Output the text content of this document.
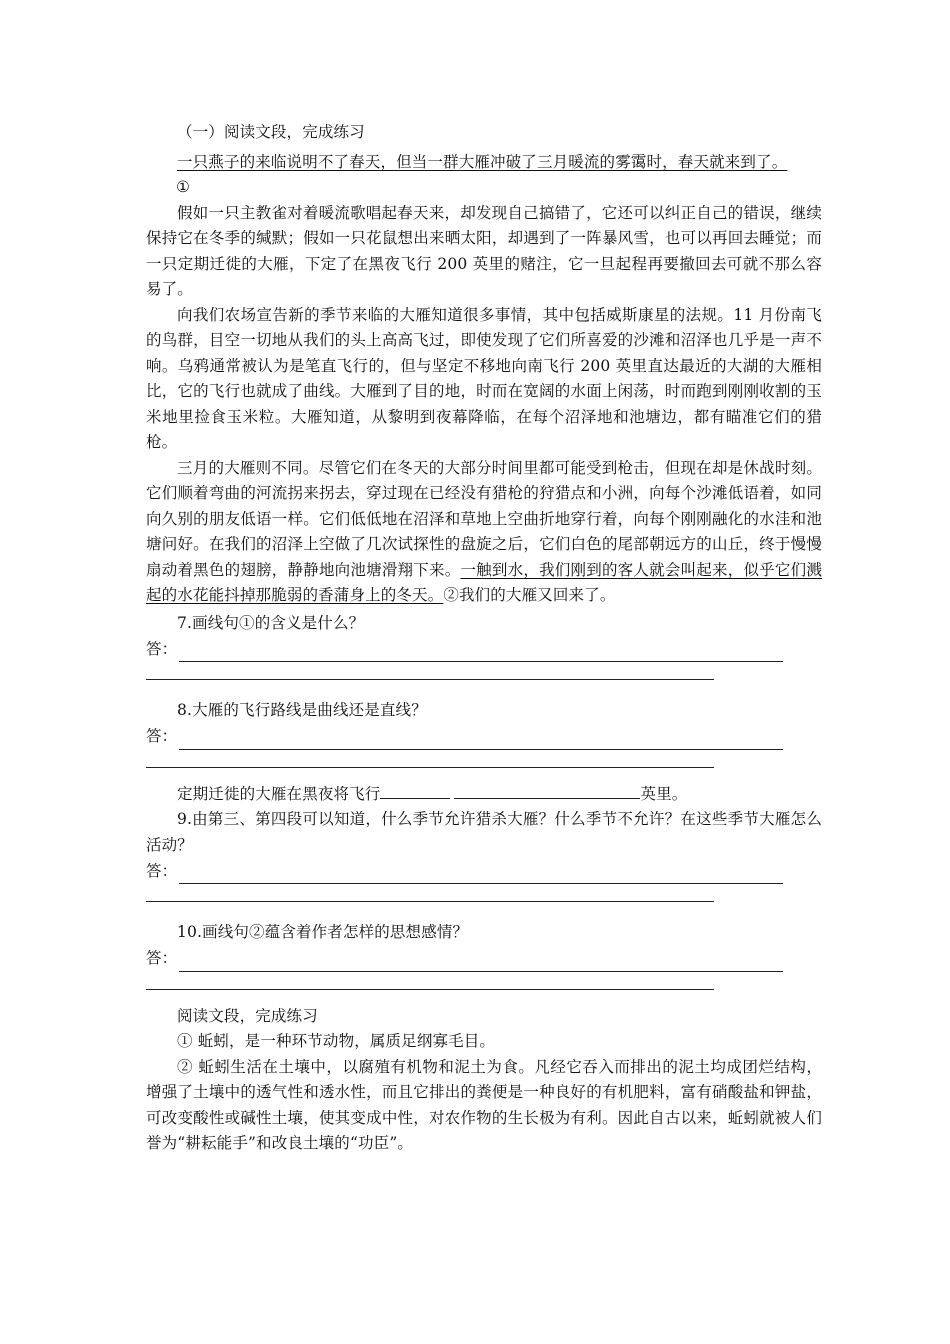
（一）阅读文段，完成练习

一只燕子的来临说明不了春天，但当一群大雁冲破了三月暖流的雾霭时，春天就来到了。

①

假如一只主教雀对着暖流歌唱起春天来，却发现自己搞错了，它还可以纠正自己的错误，继续保持它在冬季的缄默；假如一只花鼠想出来晒太阳，却遇到了一阵暴风雪，也可以再回去睡觉；而一只定期迁徙的大雁，下定了在黑夜飞行 200 英里的赌注，它一旦起程再要撤回去可就不那么容易了。

向我们农场宣告新的季节来临的大雁知道很多事情，其中包括威斯康星的法规。11 月份南飞的鸟群，目空一切地从我们的头上高高飞过，即使发现了它们所喜爱的沙滩和沼泽也几乎是一声不响。乌鸦通常被认为是笔直飞行的，但与坚定不移地向南飞行 200 英里直达最近的大湖的大雁相比，它的飞行也就成了曲线。大雁到了目的地，时而在宽阔的水面上闲荡，时而跑到刚刚收割的玉米地里捡食玉米粒。大雁知道，从黎明到夜幕降临，在每个沼泽地和池塘边，都有瞄准它们的猎枪。

三月的大雁则不同。尽管它们在冬天的大部分时间里都可能受到枪击，但现在却是休战时刻。它们顺着弯曲的河流拐来拐去，穿过现在已经没有猎枪的狩猎点和小洲，向每个沙滩低语着，如同向久别的朋友低语一样。它们低低地在沼泽和草地上空曲折地穿行着，向每个刚刚融化的水洼和池塘问好。在我们的沼泽上空做了几次试探性的盘旋之后，它们白色的尾部朝远方的山丘，终于慢慢扇动着黑色的翅膀，静静地向池塘滑翔下来。一触到水，我们刚到的客人就会叫起来，似乎它们溅起的水花能抖掉那脆弱的香蒲身上的冬天。②我们的大雁又回来了。

7.画线句①的含义是什么？

答：

8.大雁的飞行路线是曲线还是直线？

答：

定期迁徙的大雁在黑夜将飞行	英里。

9.由第三、第四段可以知道，什么季节允许猎杀大雁？什么季节不允许？在这些季节大雁怎么活动？

答：

10.画线句②蕴含着作者怎样的思想感情？

答：

阅读文段，完成练习

① 蚯蚓，是一种环节动物，属质足纲寡毛目。

② 蚯蚓生活在土壤中，以腐殖有机物和泥土为食。凡经它吞入而排出的泥土均成团烂结构，增强了土壤中的透气性和透水性，而且它排出的粪便是一种良好的有机肥料，富有硝酸盐和钾盐，可改变酸性或碱性土壤，使其变成中性，对农作物的生长极为有利。因此自古以来，蚯蚓就被人们誉为“耕耘能手”和改良土壤的“功臣”。
